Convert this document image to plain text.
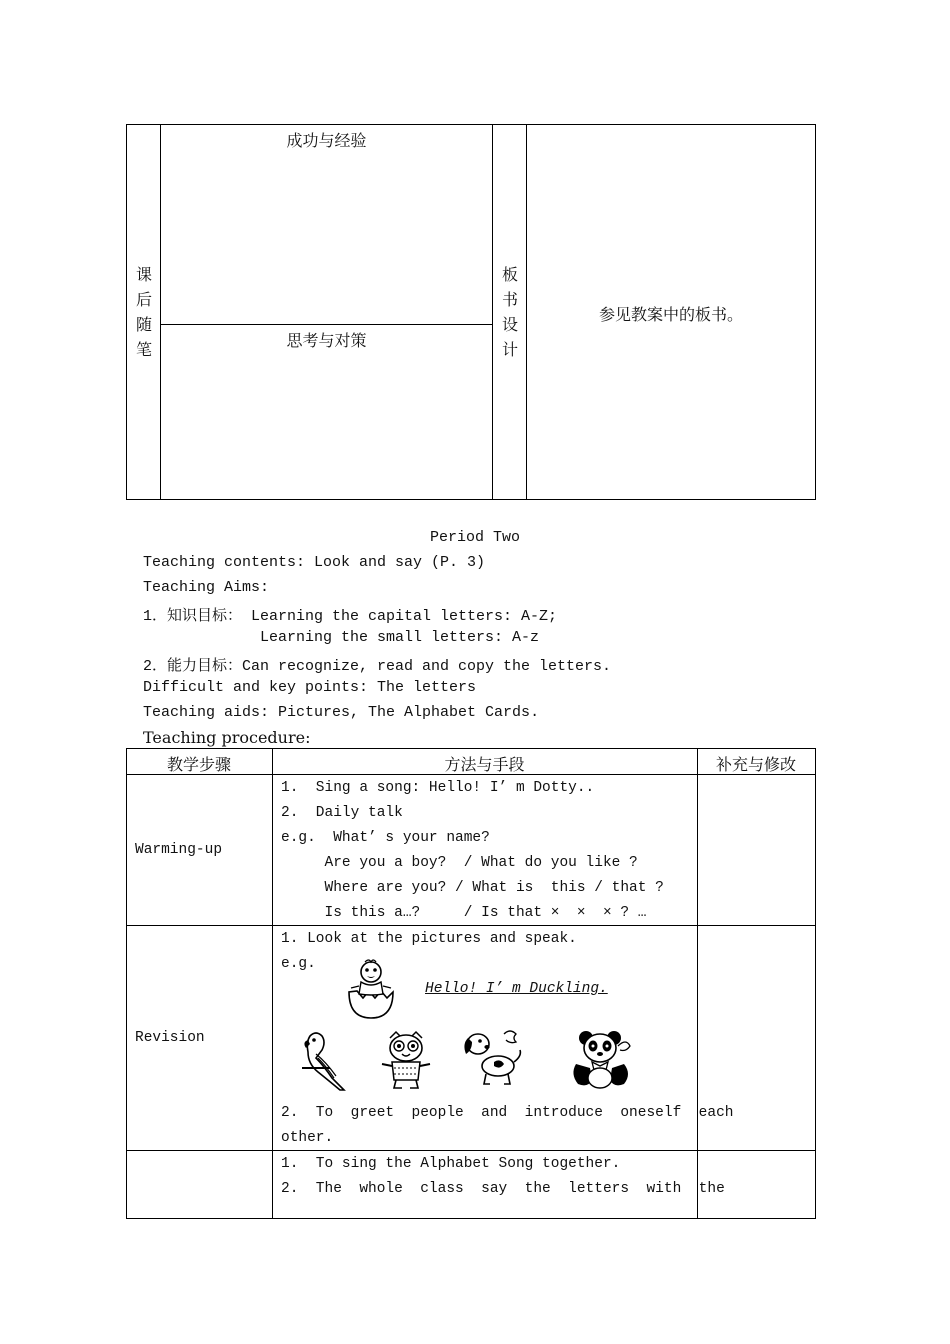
课
后
随
笔
成功与经验
思考与对策
板
书
设
计
参见教案中的板书。
Period Two
Teaching contents: Look and say (P. 3)
Teaching Aims:
1．知识目标： Learning the capital letters: A-Z;
Learning the small letters: A-z
2．能力目标：Can recognize, read and copy the letters.
Difficult and key points: The letters
Teaching aids: Pictures, The Alphabet Cards.
Teaching procedure:
教学步骤	方法与手段	补充与修改
Warming-up
1.  Sing a song: Hello! I’ m Dotty..
2.  Daily talk
e.g.  What’ s your name?
Are you a boy?  / What do you like ?
Where are you? / What is  this / that ?
Is this a…?     / Is that ×  ×  × ? …
Revision
1. Look at the pictures and speak.
e.g.
Hello! I’ m Duckling.
2.  To  greet  people  and  introduce  oneself  each
other.
1.  To sing the Alphabet Song together.
2.  The  whole  class  say  the  letters  with  the
